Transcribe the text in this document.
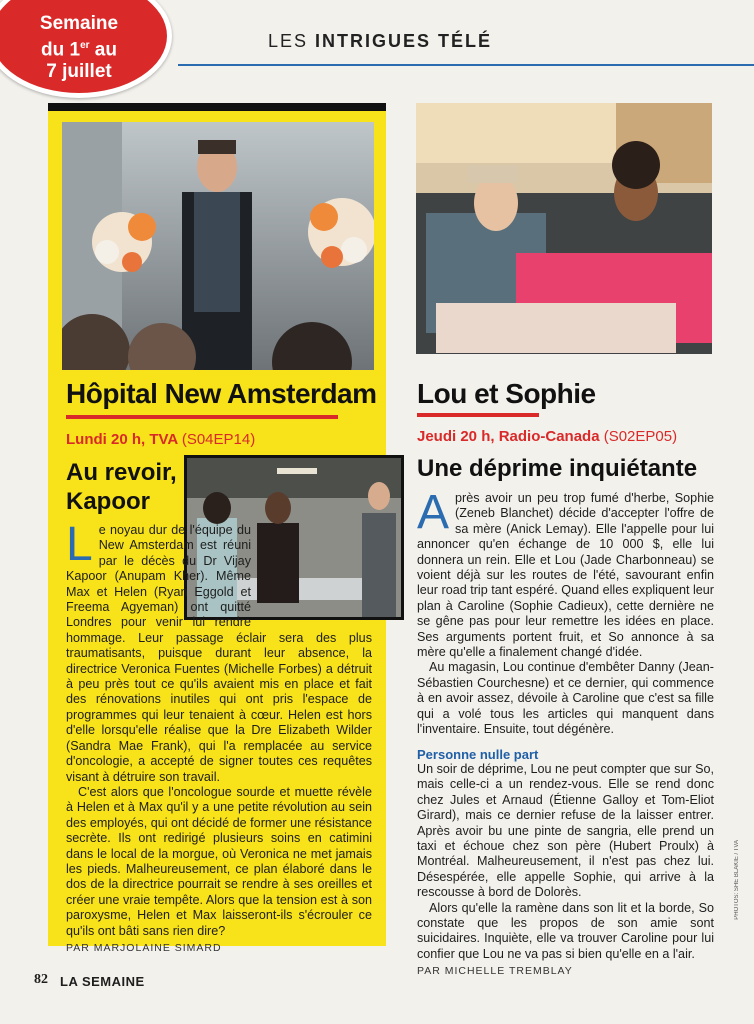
Semaine
du 1er au
7 juillet
LES INTRIGUES TÉLÉ
Hôpital New Amsterdam
Lundi 20 h, TVA (S04EP14)
Au revoir,
Kapoor
Le noyau dur de l'équipe du New Amsterdam est réuni par le décès du Dr Vijay Kapoor (Anupam Kher). Même Max et Helen (Ryan Eggold et Freema Agyeman) ont quitté Londres pour venir lui rendre hommage. Leur passage éclair sera des plus traumatisants, puisque durant leur absence, la directrice Veronica Fuentes (Michelle Forbes) a détruit à peu près tout ce qu'ils avaient mis en place et fait des rénovations inutiles qui ont pris l'espace de programmes qui leur tenaient à cœur. Helen est hors d'elle lorsqu'elle réalise que la Dre Elizabeth Wilder (Sandra Mae Frank), qui l'a remplacée au service d'oncologie, a accepté de signer toutes ces requêtes visant à détruire son travail.

C'est alors que l'oncologue sourde et muette révèle à Helen et à Max qu'il y a une petite révolution au sein des employés, qui ont décidé de former une résistance secrète. Ils ont redirigé plusieurs soins en catimini dans le local de la morgue, où Veronica ne met jamais les pieds. Malheureusement, ce plan élaboré dans le dos de la directrice pourrait se rendre à ses oreilles et créer une vraie tempête. Alors que la tension est à son paroxysme, Helen et Max laisseront-ils s'écrouler ce qu'ils ont bâti sans rien dire?

PAR MARJOLAINE SIMARD
Lou et Sophie
Jeudi 20 h, Radio-Canada (S02EP05)
Une déprime inquiétante
Après avoir un peu trop fumé d'herbe, Sophie (Zeneb Blanchet) décide d'accepter l'offre de sa mère (Anick Lemay). Elle l'appelle pour lui annoncer qu'en échange de 10 000 $, elle lui donnera un rein. Elle et Lou (Jade Charbonneau) se voient déjà sur les routes de l'été, savourant enfin leur road trip tant espéré. Quand elles expliquent leur plan à Caroline (Sophie Cadieux), cette dernière ne se gêne pas pour leur remettre les idées en place. Ses arguments portent fruit, et So annonce à sa mère qu'elle a finalement changé d'idée.

Au magasin, Lou continue d'embêter Danny (Jean-Sébastien Courchesne) et ce dernier, qui commence à en avoir assez, dévoile à Caroline que c'est sa fille qui a volé tous les articles qui manquent dans l'inventaire. Ensuite, tout dégénère.

Personne nulle part
Un soir de déprime, Lou ne peut compter que sur So, mais celle-ci a un rendez-vous. Elle se rend donc chez Jules et Arnaud (Étienne Galloy et Tom-Eliot Girard), mais ce dernier refuse de la laisser entrer. Après avoir bu une pinte de sangria, elle prend un taxi et échoue chez son père (Hubert Proulx) à Montréal. Malheureusement, il n'est pas chez lui. Désespérée, elle appelle Sophie, qui arrive à la rescousse à bord de Dolorès.

Alors qu'elle la ramène dans son lit et la borde, So constate que les propos de son amie sont suicidaires. Inquiète, elle va trouver Caroline pour lui confier que Lou ne va pas si bien qu'elle en a l'air.

PAR MICHELLE TREMBLAY
PHOTOS: SHE BLAKIE / TVA
82 LA SEMAINE
